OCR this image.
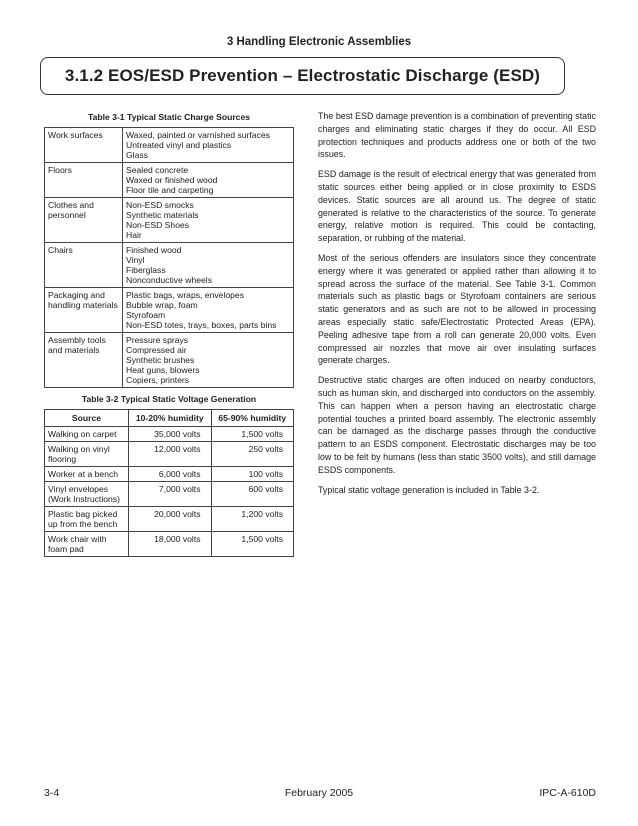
3 Handling Electronic Assemblies
3.1.2 EOS/ESD Prevention – Electrostatic Discharge (ESD)
Table 3-1 Typical Static Charge Sources
Work surfaces	Waxed, painted or varnished surfaces
Untreated vinyl and plastics
Glass

Floors	Sealed concrete
Waxed or finished wood
Floor tile and carpeting

Clothes and personnel	Non-ESD smocks
Synthetic materials
Non-ESD Shoes
Hair

Chairs	Finished wood
Vinyl
Fiberglass
Nonconductive wheels

Packaging and handling materials	Plastic bags, wraps, envelopes
Bubble wrap, foam
Styrofoam
Non-ESD totes, trays, boxes, parts bins

Assembly tools and materials	Pressure sprays
Compressed air
Synthetic brushes
Heat guns, blowers
Copiers, printers
Table 3-2 Typical Static Voltage Generation
Source	10-20% humidity	65-90% humidity
Walking on carpet	35,000 volts	1,500 volts
Walking on vinyl flooring	12,000 volts	250 volts
Worker at a bench	6,000 volts	100 volts
Vinyl envelopes (Work Instructions)	7,000 volts	600 volts
Plastic bag picked up from the bench	20,000 volts	1,200 volts
Work chair with foam pad	18,000 volts	1,500 volts

The best ESD damage prevention is a combination of preventing static charges and eliminating static charges if they do occur. All ESD protection techniques and products address one or both of the two issues.

ESD damage is the result of electrical energy that was generated from static sources either being applied or in close proximity to ESDS devices. Static sources are all around us. The degree of static generated is relative to the characteristics of the source. To generate energy, relative motion is required. This could be contacting, separation, or rubbing of the material.

Most of the serious offenders are insulators since they concentrate energy where it was generated or applied rather than allowing it to spread across the surface of the material. See Table 3-1. Common materials such as plastic bags or Styrofoam containers are serious static generators and as such are not to be allowed in processing areas especially static safe/Electrostatic Protected Areas (EPA). Peeling adhesive tape from a roll can generate 20,000 volts. Even compressed air nozzles that move air over insulating surfaces generate charges.

Destructive static charges are often induced on nearby conductors, such as human skin, and discharged into conductors on the assembly. This can happen when a person having an electrostatic charge potential touches a printed board assembly. The electronic assembly can be damaged as the discharge passes through the conductive pattern to an ESDS component. Electrostatic discharges may be too low to be felt by humans (less than static 3500 volts), and still damage ESDS components.

Typical static voltage generation is included in Table 3-2.

3-4	February 2005	IPC-A-610D
